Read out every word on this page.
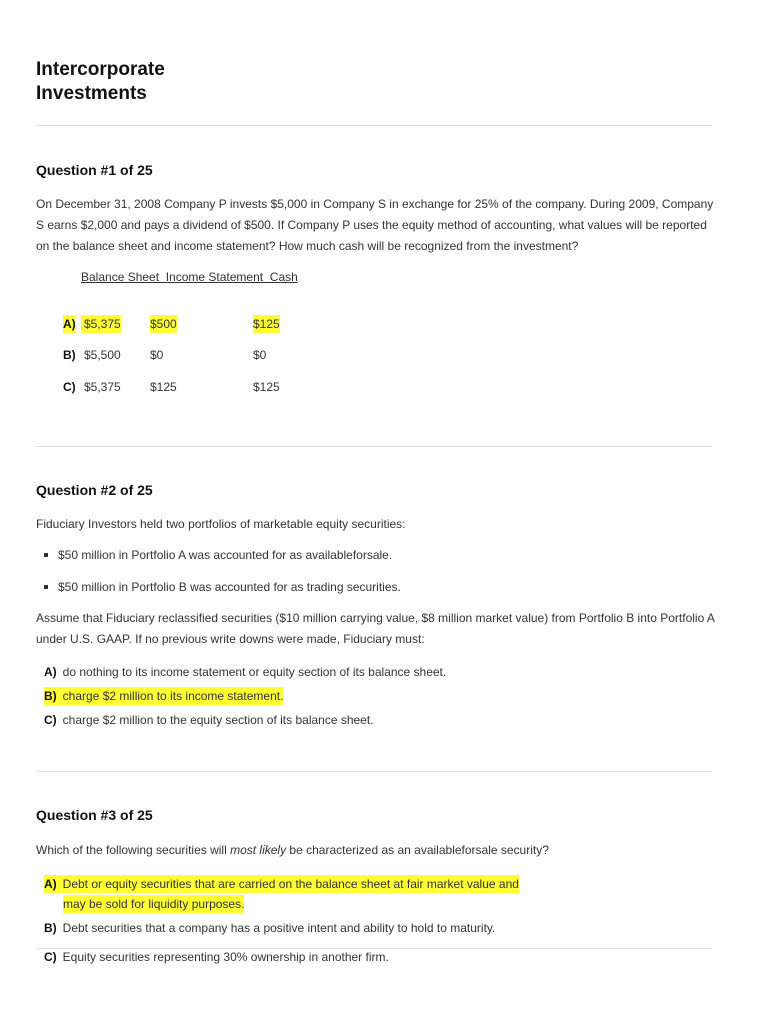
Intercorporate
Investments
Question #1 of 25
On December 31, 2008 Company P invests $5,000 in Company S in exchange for 25% of the company. During 2009, Company S earns $2,000 and pays a dividend of $500. If Company P uses the equity method of accounting, what values will be reported on the balance sheet and income statement? How much cash will be recognized from the investment?
Balance Sheet  Income Statement  Cash
A) $5,375 $500	$125
B) $5,500 $0	$0
C) $5,375 $125	$125
Question #2 of 25
Fiduciary Investors held two portfolios of marketable equity securities:
$50 million in Portfolio A was accounted for as availableforsale.
$50 million in Portfolio B was accounted for as trading securities.
Assume that Fiduciary reclassified securities ($10 million carrying value, $8 million market value) from Portfolio B into Portfolio A under U.S. GAAP. If no previous write downs were made, Fiduciary must:
A) do nothing to its income statement or equity section of its balance sheet.
B) charge $2 million to its income statement.
C) charge $2 million to the equity section of its balance sheet.
Question #3 of 25
Which of the following securities will most likely be characterized as an availableforsale security?
A) Debt or equity securities that are carried on the balance sheet at fair market value and
may be sold for liquidity purposes.
B) Debt securities that a company has a positive intent and ability to hold to maturity.
C) Equity securities representing 30% ownership in another firm.
